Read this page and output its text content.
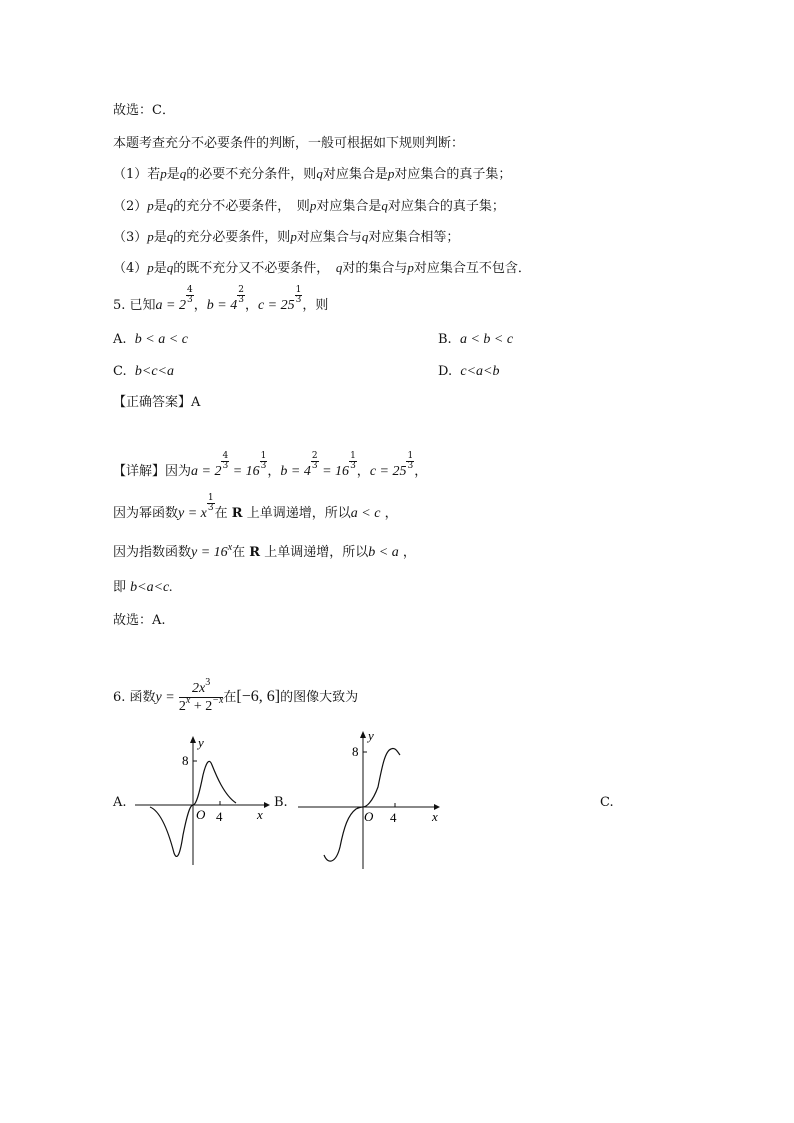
故选：C．
本题考查充分不必要条件的判断，一般可根据如下规则判断：
（1）若p是q的必要不充分条件，则q对应集合是p对应集合的真子集；
（2）p是q的充分不必要条件，　则p对应集合是q对应集合的真子集；
（3）p是q的充分必要条件，则p对应集合与q对应集合相等；
（4）p是q的既不充分又不必要条件，　q对的集合与p对应集合互不包含．
5. 已知a = 2
$\frac{4}{3}$
，b = 4
$\frac{2}{3}$
，c = 25
$\frac{1}{3}$
，则
A. b < a < c	B. a < b < c
C. b<c<a	D. c<a<b
【正确答案】A
【详解】因为a = 2
$\frac{4}{3}$
= 16
$\frac{1}{3}$
，b = 4
$\frac{2}{3}$
= 16
$\frac{1}{3}$
，c = 25
$\frac{1}{3}$
，
因为幂函数y = x
$\frac{1}{3}$
在 R 上单调递增，所以a < c ，
因为指数函数y = 16x在 R 上单调递增，所以b < a ，
即 b<a<c.
故选：A.
6. 函数$y = \frac{2x3}{2x + 2-x}$ 在[−6, 6]的图像大致为
A.	B.	C.
y
8
O 4	x
y
8
O 4	x
